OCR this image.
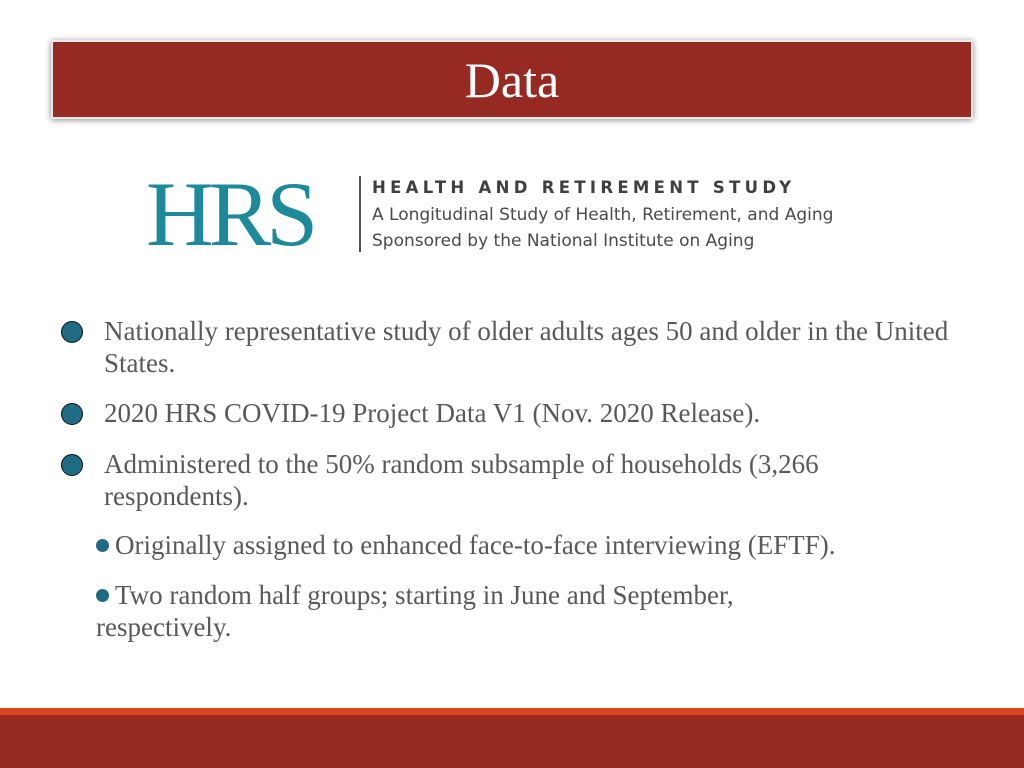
Data
HRS	HEALTH AND RETIREMENT STUDY
A Longitudinal Study of Health, Retirement, and Aging
Sponsored by the National Institute on Aging
Nationally representative study of older adults ages 50 and older in the United States.
2020 HRS COVID-19 Project Data V1 (Nov. 2020 Release).
Administered to the 50% random subsample of households (3,266 respondents).
Originally assigned to enhanced face-to-face interviewing (EFTF).
Two random half groups; starting in June and September, respectively.
